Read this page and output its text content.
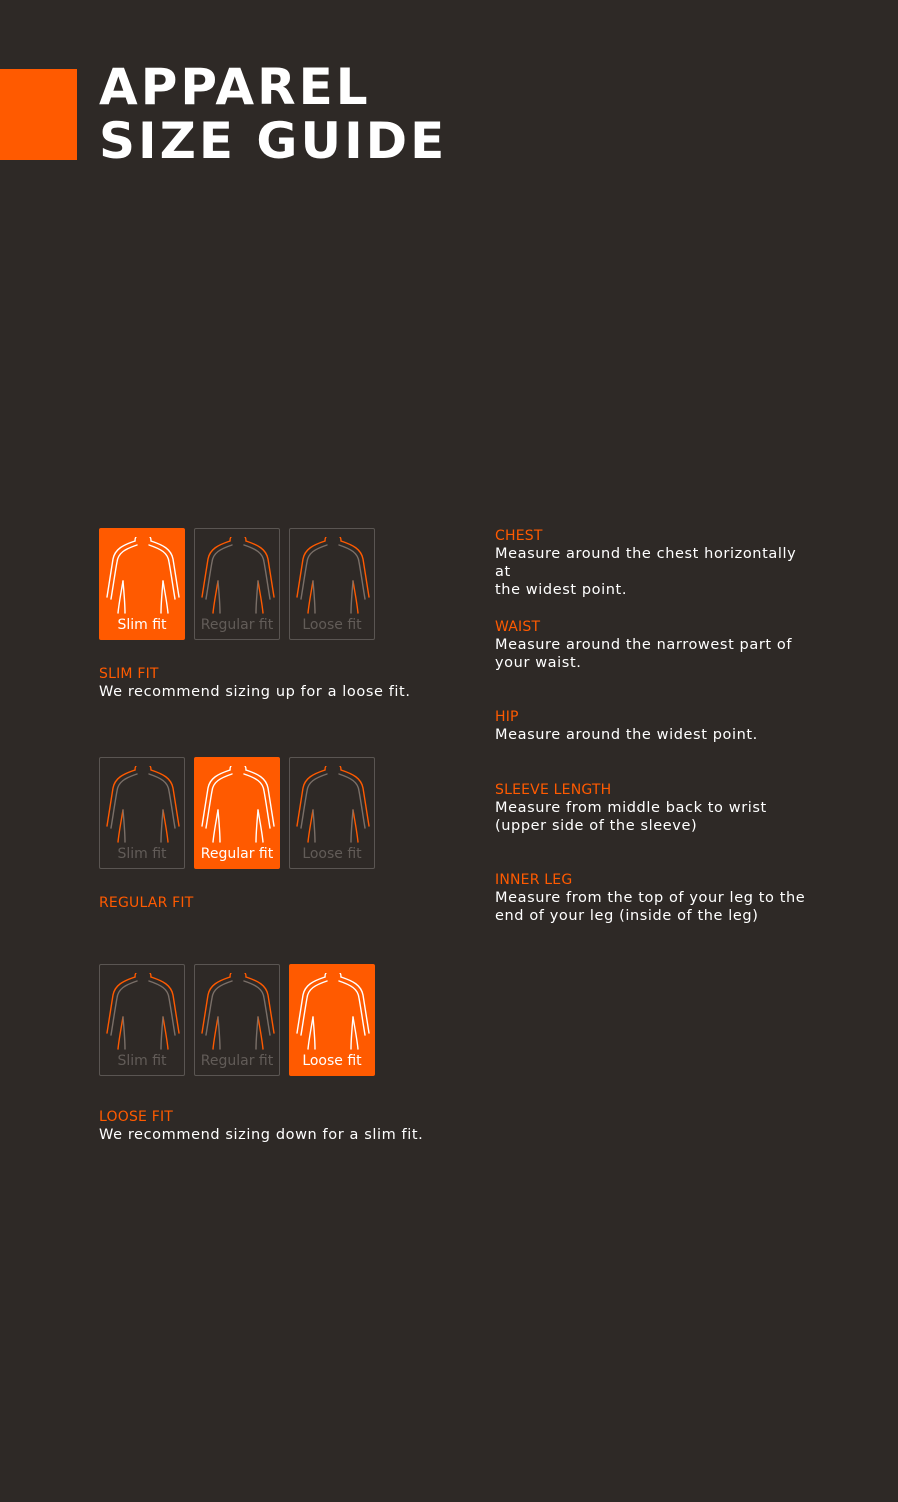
APPAREL
SIZE GUIDE
Slim fit	Regular fit	Loose fit

SLIM FIT

We recommend sizing up for a loose fit.

Slim fit	Regular fit	Loose fit

REGULAR FIT

Slim fit	Regular fit	Loose fit

LOOSE FIT

We recommend sizing down for a slim fit.

CHEST

Measure around the chest horizontally at

the widest point.

WAIST

Measure around the narrowest part of

your waist.

HIP

Measure around the widest point.

SLEEVE LENGTH

Measure from middle back to wrist

(upper side of the sleeve)

INNER LEG

Measure from the top of your leg to the

end of your leg (inside of the leg)
